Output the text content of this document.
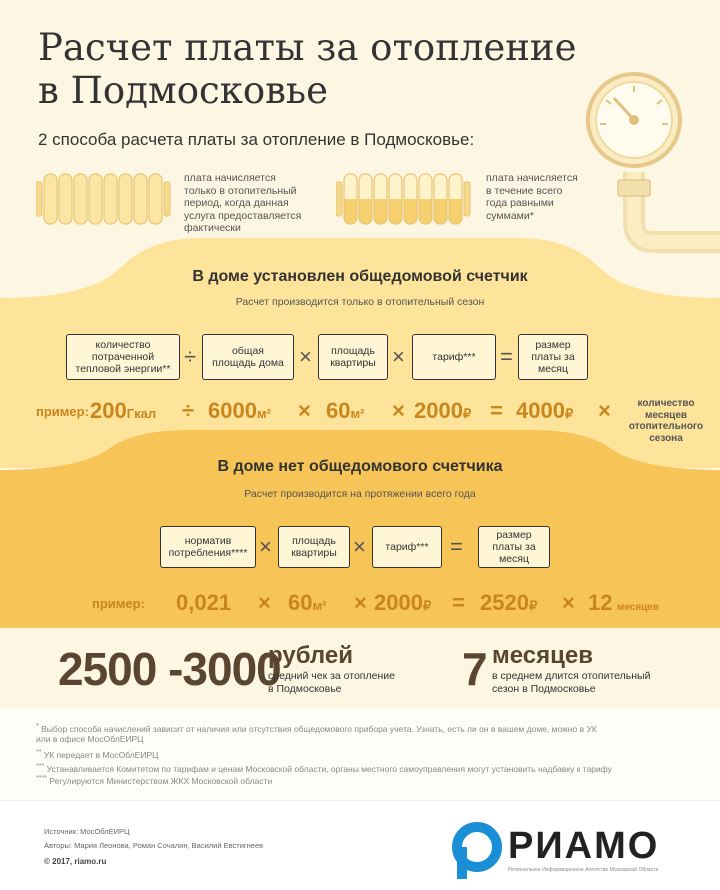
Расчет платы за отопление
в Подмосковье
2 способа расчета платы за отопление в Подмосковье:
плата начисляется
только в отопительный
период, когда данная
услуга предоставляется
фактически
плата начисляется
в течение всего
года равными
суммами*
В доме установлен общедомовой счетчик
Расчет производится только в отопительный сезон
количество
потраченной
тепловой энергии** ÷	общая
площадь дома × площадь
квартиры ×	тариф*** =	размер
платы за
месяц
пример: 200Гкал ÷ 6000м² × 60м² × 2000₽ = 4000₽ ×	количество
месяцев
отопительного
сезона
В доме нет общедомового счетчика
Расчет производится на протяжении всего года
норматив
потребления**** × площадь
квартиры × тариф*** =	размер
платы за
месяц
пример: 0,021 × 60м² × 2000₽ = 2520₽ × 12 месяцев
2500 -3000
рублей
средний чек за отопление
в Подмосковье	7 месяцев
в среднем длится отопительный
сезон в Подмосковье
* Выбор способа начислений зависит от наличия или отсутствия общедомового прибора учета. Узнать, есть ли он в вашем доме, можно в УК
или в офисе МосОблЕИРЦ
** УК передает в МосОблЕИРЦ
*** Устанавливается Комитетом по тарифам и ценам Московской области, органы местного самоуправления могут установить надбавку к тарифу
**** Регулируются Министерством ЖКХ Московской области
Источник: МосОблЕИРЦ
Авторы: Мария Леонова, Роман Сочалин, Василий Евстигнеев
© 2017, riamo.ru	РИАМО
Региональное Информационное Агентство Московской Области
